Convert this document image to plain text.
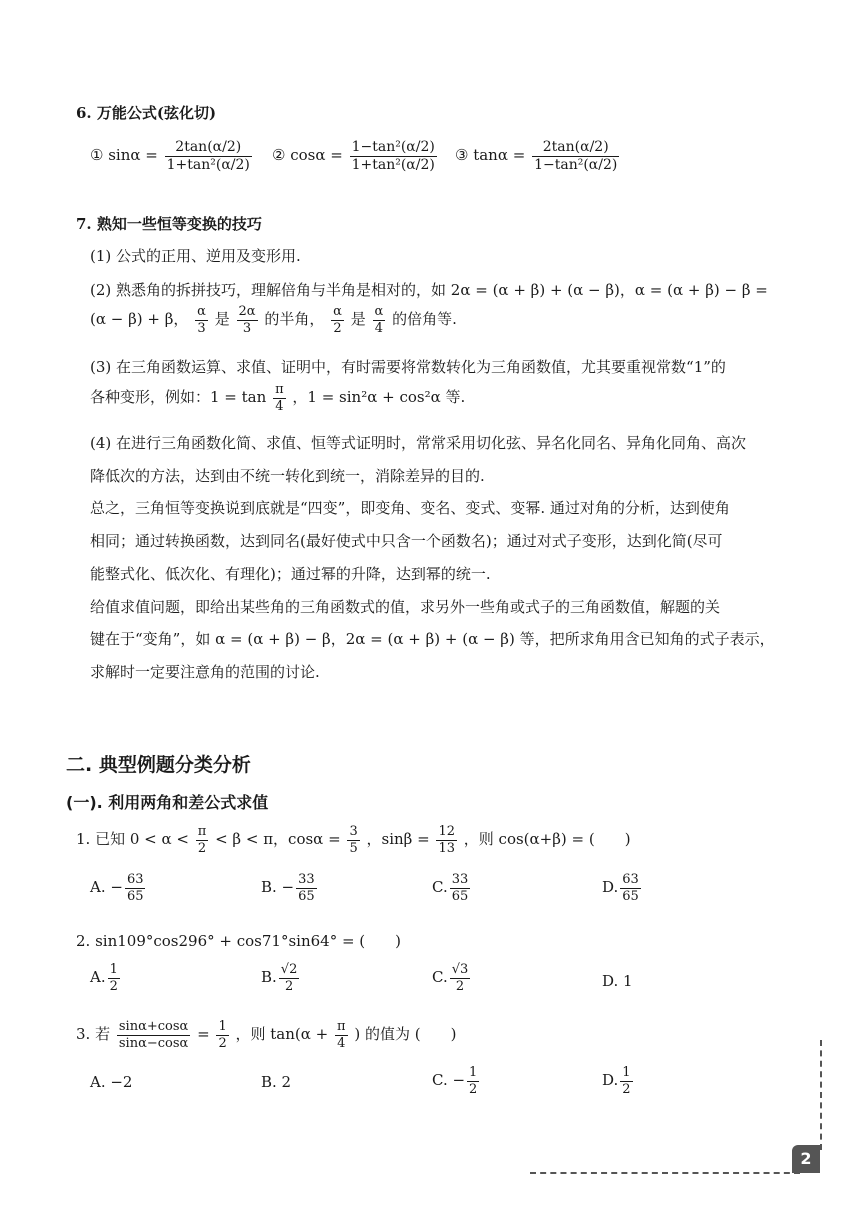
6. 万能公式(弦化切)
① $\sin\alpha = \frac{2\tan(\alpha/2)}{\text{1+tan²(α/2)}}$ ② $\cos\alpha = \frac{\text{1−tan²(α/2)}}{\text{1+tan²(α/2)}}$ ③ $\tan\alpha = \frac{2\tan(\alpha/2)}{\text{1−tan²(α/2)}}$
7. 熟知一些恒等变换的技巧
(1) 公式的正用、逆用及变形用.
(2) 熟悉角的拆拼技巧，理解倍角与半角是相对的，如 2α = (α + β) + (α − β)，α = (α + β) − β =
(α − β) + β， $\frac{\alpha}{3}$ 是 $\frac{2\alpha}{3}$ 的半角， $\frac{\alpha}{2}$ 是 $\frac{\alpha}{4}$ 的倍角等.
(3) 在三角函数运算、求值、证明中，有时需要将常数转化为三角函数值，尤其要重视常数“1”的
各种变形，例如：$1 = \tan \frac{\pi}{4}$ ，1 = sin²α + cos²α 等.
(4) 在进行三角函数化简、求值、恒等式证明时，常常采用切化弦、异名化同名、异角化同角、高次
降低次的方法，达到由不统一转化到统一，消除差异的目的.
总之，三角恒等变换说到底就是“四变”，即变角、变名、变式、变幂. 通过对角的分析，达到使角
相同；通过转换函数，达到同名(最好使式中只含一个函数名)；通过对式子变形，达到化简(尽可
能整式化、低次化、有理化)；通过幂的升降，达到幂的统一.
给值求值问题，即给出某些角的三角函数式的值，求另外一些角或式子的三角函数值，解题的关
键在于“变角”，如 α = (α + β) − β，2α = (α + β) + (α − β) 等，把所求角用含已知角的式子表示，
求解时一定要注意角的范围的讨论.
二. 典型例题分类分析
(一). 利用两角和差公式求值
1. 已知 $0 < \alpha < \frac{\pi}{2} < \beta < \pi$，$\cos\alpha = \frac{3}{5}$ ，$\sin\beta = \frac{12}{13}$ ，则 cos(α+β) = (　　)
A. − $\frac{63}{65}$	B. − $\frac{33}{65}$	C. $\frac{33}{65}$	D. $\frac{63}{65}$
2. sin109°cos296° + cos71°sin64° = (　　)
A. $\frac{1}{2}$	B. $\frac{√2}{2}$	C. $\frac{√3}{2}$	D. 1
3. 若 $\frac{\sin\alpha+\cos\alpha}{\sin\alpha-\cos\alpha} = \frac{1}{2}$ ，则 $\tan(\alpha + \frac{\pi}{4}$ ) 的值为 (　　)
A. −2	B. 2	C. − $\frac{1}{2}$	D. $\frac{1}{2}$
2
